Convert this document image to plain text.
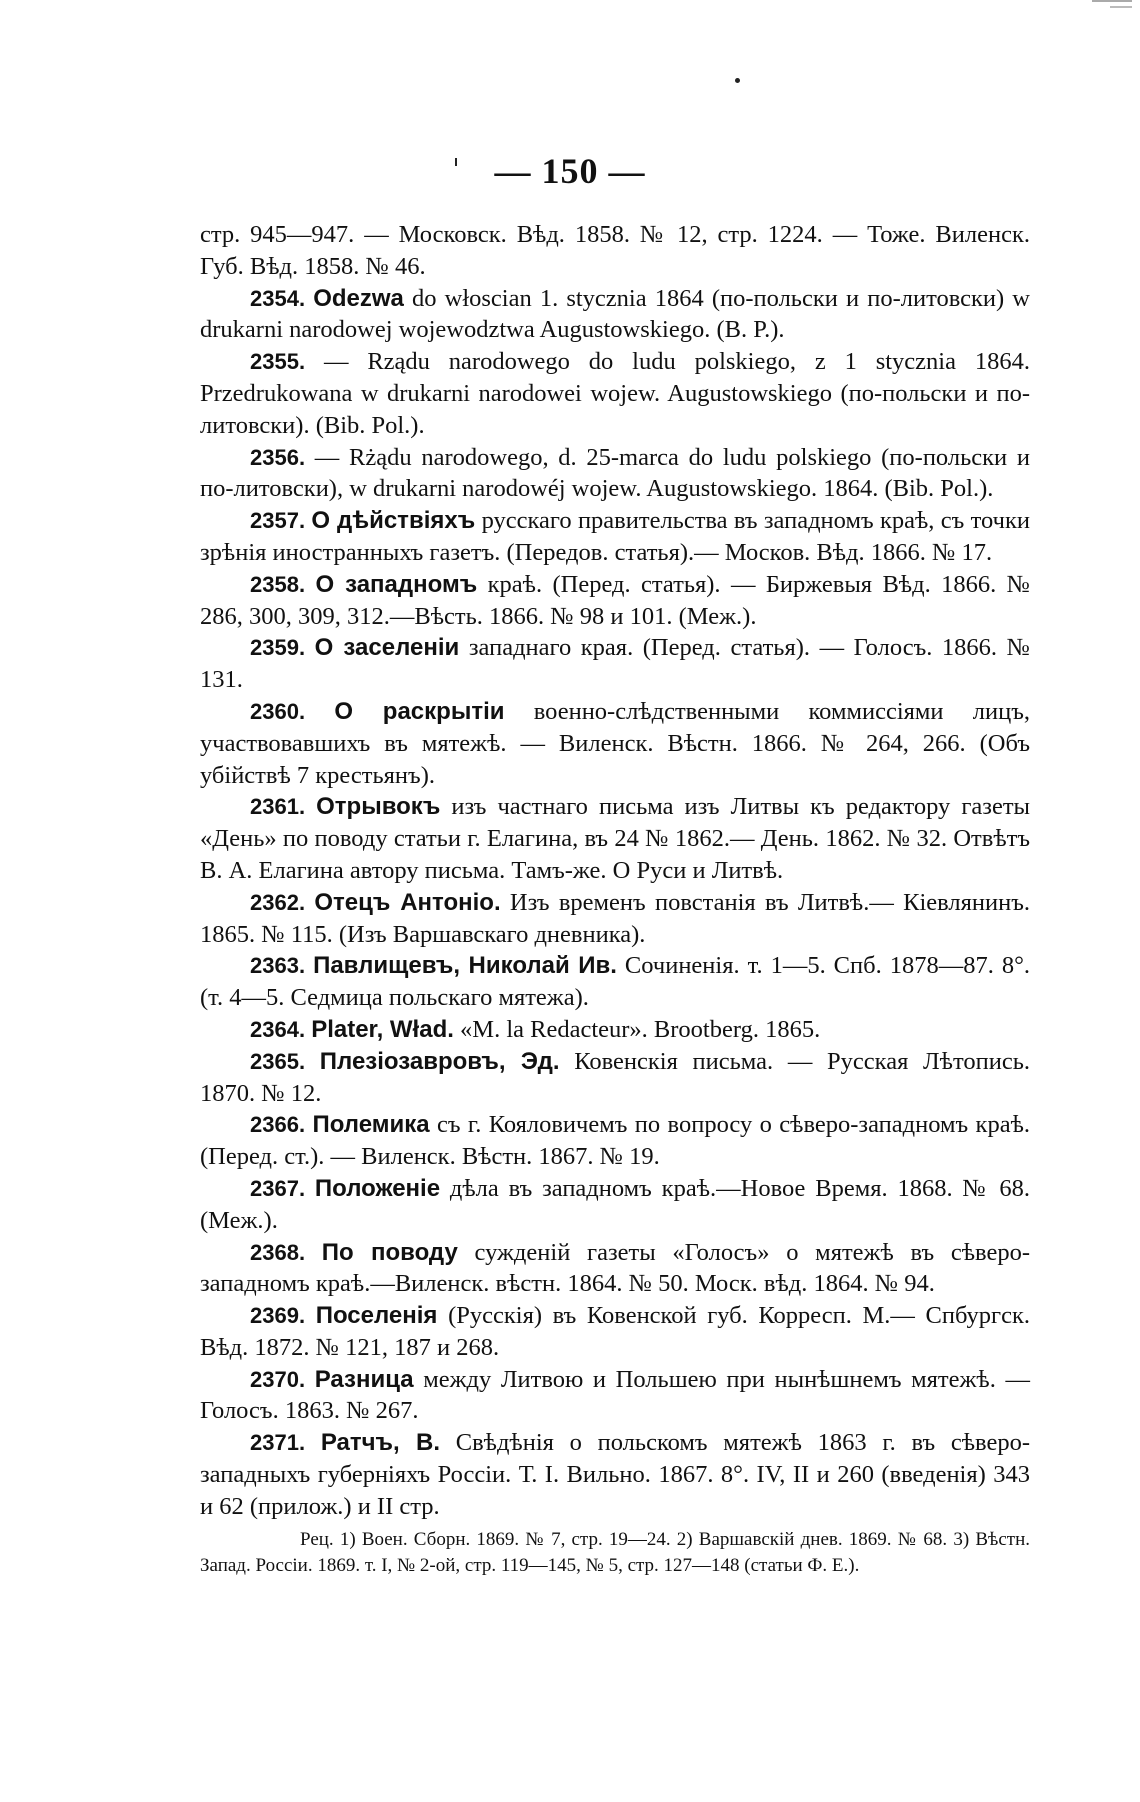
— 150 —

стр. 945—947. — Московск. Вѣд. 1858. № 12, стр. 1224. — Тоже. Виленск. Губ. Вѣд. 1858. № 46.

2354. Odezwa do włoscian 1. stycznia 1864 (по-польски и по-литовски) w drukarni narodowej wojewodztwa Augustowskiego. (B. P.).

2355. — Rządu narodowego do ludu polskiego, z 1 stycznia 1864. Przedrukowana w drukarni narodowei wojew. Augustowskiego (по-польски и по-литовски). (Bib. Pol.).

2356. — Rżądu narodowego, d. 25-marca do ludu polskiego (по-польски и по-литовски), w drukarni narodowéj wojew. Augustowskiego. 1864. (Bib. Pol.).

2357. О дѣйствіяхъ русскаго правительства въ западномъ краѣ, съ точки зрѣнія иностранныхъ газетъ. (Передов. статья).— Москов. Вѣд. 1866. № 17.

2358. О западномъ краѣ. (Перед. статья). — Биржевыя Вѣд. 1866. № 286, 300, 309, 312.—Вѣсть. 1866. № 98 и 101. (Меж.).

2359. О заселеніи западнаго края. (Перед. статья). — Голосъ. 1866. № 131.

2360. О раскрытіи военно-слѣдственными коммиссіями лицъ, участвовавшихъ въ мятежѣ. — Виленск. Вѣстн. 1866. № 264, 266. (Объ убійствѣ 7 крестьянъ).

2361. Отрывокъ изъ частнаго письма изъ Литвы къ редактору газеты «День» по поводу статьи г. Елагина, въ 24 № 1862.— День. 1862. № 32. Отвѣтъ В. А. Елагина автору письма. Тамъ-же. О Руси и Литвѣ.

2362. Отецъ Антоніо. Изъ временъ повстанія въ Литвѣ.— Кіевлянинъ. 1865. № 115. (Изъ Варшавскаго дневника).

2363. Павлищевъ, Николай Ив. Сочиненія. т. 1—5. Спб. 1878—87. 8°. (т. 4—5. Седмица польскаго мятежа).

2364. Plater, Wład. «M. la Redacteur». Brootberg. 1865.

2365. Плезіозавровъ, Эд. Ковенскія письма. — Русская Лѣтопись. 1870. № 12.

2366. Полемика съ г. Кояловичемъ по вопросу о сѣверо-западномъ краѣ. (Перед. ст.). — Виленск. Вѣстн. 1867. № 19.

2367. Положеніе дѣла въ западномъ краѣ.—Новое Время. 1868. № 68. (Меж.).

2368. По поводу сужденій газеты «Голосъ» о мятежѣ въ сѣверо-западномъ краѣ.—Виленск. вѣстн. 1864. № 50. Моск. вѣд. 1864. № 94.

2369. Поселенія (Русскія) въ Ковенской губ. Корресп. М.— Спбургск. Вѣд. 1872. № 121, 187 и 268.

2370. Разница между Литвою и Польшею при нынѣшнемъ мятежѣ. — Голосъ. 1863. № 267.

2371. Ратчъ, В. Свѣдѣнія о польскомъ мятежѣ 1863 г. въ сѣверо-западныхъ губерніяхъ Россіи. Т. I. Вильно. 1867. 8°. IV, II и 260 (введенія) 343 и 62 (прилож.) и II стр.

Рец. 1) Воен. Сборн. 1869. № 7, стр. 19—24. 2) Варшавскій днев. 1869. № 68. 3) Вѣстн. Запад. Россіи. 1869. т. I, № 2-ой, стр. 119—145, № 5, стр. 127—148 (статьи Ф. Е.).
